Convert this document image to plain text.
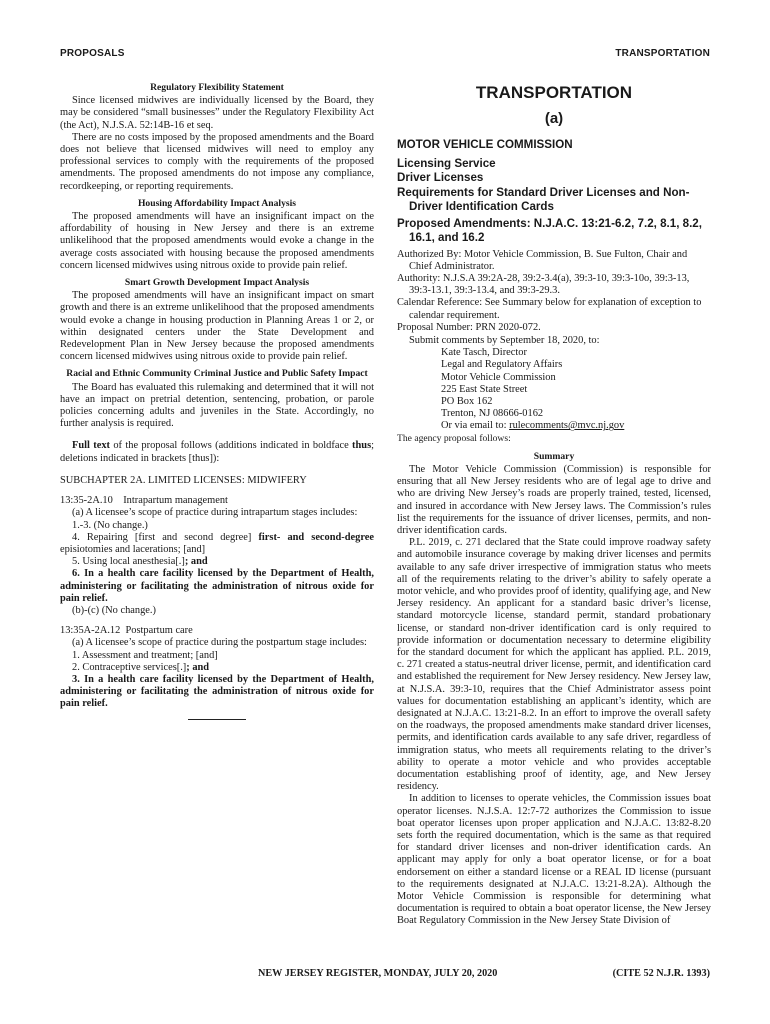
PROPOSALS	TRANSPORTATION
Regulatory Flexibility Statement

Since licensed midwives are individually licensed by the Board, they may be considered “small businesses” under the Regulatory Flexibility Act (the Act), N.J.S.A. 52:14B-16 et seq.

There are no costs imposed by the proposed amendments and the Board does not believe that licensed midwives will need to employ any professional services to comply with the requirements of the proposed amendments. The proposed amendments do not impose any compliance, recordkeeping, or reporting requirements.

Housing Affordability Impact Analysis

The proposed amendments will have an insignificant impact on the affordability of housing in New Jersey and there is an extreme unlikelihood that the proposed amendments would evoke a change in the average costs associated with housing because the proposed amendments concern licensed midwives using nitrous oxide to provide pain relief.

Smart Growth Development Impact Analysis

The proposed amendments will have an insignificant impact on smart growth and there is an extreme unlikelihood that the proposed amendments would evoke a change in housing production in Planning Areas 1 or 2, or within designated centers under the State Development and Redevelopment Plan in New Jersey because the proposed amendments concern licensed midwives using nitrous oxide to provide pain relief.

Racial and Ethnic Community Criminal Justice and Public Safety Impact

The Board has evaluated this rulemaking and determined that it will not have an impact on pretrial detention, sentencing, probation, or parole policies concerning adults and juveniles in the State. Accordingly, no further analysis is required.

Full text of the proposal follows (additions indicated in boldface thus; deletions indicated in brackets [thus]):

SUBCHAPTER 2A. LIMITED LICENSES: MIDWIFERY

13:35-2A.10    Intrapartum management

(a) A licensee’s scope of practice during intrapartum stages includes:

1.-3. (No change.)

4. Repairing [first and second degree] first- and second-degree episiotomies and lacerations; [and]

5. Using local anesthesia[.]; and

6. In a health care facility licensed by the Department of Health, administering or facilitating the administration of nitrous oxide for pain relief.

(b)-(c) (No change.)

13:35A-2A.12  Postpartum care

(a) A licensee’s scope of practice during the postpartum stage includes:

1. Assessment and treatment; [and]

2. Contraceptive services[.]; and

3. In a health care facility licensed by the Department of Health, administering or facilitating the administration of nitrous oxide for pain relief.

TRANSPORTATION
(a)
MOTOR VEHICLE COMMISSION
Licensing Service
Driver Licenses
Requirements for Standard Driver Licenses and Non-Driver Identification Cards
Proposed Amendments: N.J.A.C. 13:21-6.2, 7.2, 8.1, 8.2, 16.1, and 16.2

Authorized By: Motor Vehicle Commission, B. Sue Fulton, Chair and Chief Administrator.

Authority: N.J.S.A 39:2A-28, 39:2-3.4(a), 39:3-10, 39:3-10o, 39:3-13, 39:3-13.1, 39:3-13.4, and 39:3-29.3.

Calendar Reference: See Summary below for explanation of exception to calendar requirement.

Proposal Number: PRN 2020-072.

Submit comments by September 18, 2020, to:

Kate Tasch, Director
Legal and Regulatory Affairs
Motor Vehicle Commission
225 East State Street
PO Box 162
Trenton, NJ 08666-0162
Or via email to: rulecomments@mvc.nj.gov

The agency proposal follows:

Summary

The Motor Vehicle Commission (Commission) is responsible for ensuring that all New Jersey residents who are of legal age to drive and who are driving New Jersey’s roads are properly trained, tested, licensed, and insured in accordance with New Jersey laws. The Commission’s rules list the requirements for the issuance of driver licenses, permits, and non-driver identification cards.

P.L. 2019, c. 271 declared that the State could improve roadway safety and automobile insurance coverage by making driver licenses and permits available to any safe driver irrespective of immigration status who meets all of the requirements relating to the driver’s ability to safely operate a motor vehicle, and who provides proof of identity, qualifying age, and New Jersey residency. An applicant for a standard basic driver’s license, standard motorcycle license, standard permit, standard probationary license, or standard non-driver identification card is only required to provide information or documentation necessary to determine eligibility for the standard document for which the applicant has applied. P.L. 2019, c. 271 created a status-neutral driver license, permit, and identification card and established the requirement for New Jersey residency. New Jersey law, at N.J.S.A. 39:3-10, requires that the Chief Administrator assess point values for documentation establishing an applicant’s identity, which are designated at N.J.A.C. 13:21-8.2. In an effort to improve the overall safety on the roadways, the proposed amendments make standard driver licenses, permits, and identification cards available to any safe driver, regardless of immigration status, who meets all requirements relating to the driver’s ability to operate a motor vehicle and who provides acceptable documentation establishing proof of identity, age, and New Jersey residency.

In addition to licenses to operate vehicles, the Commission issues boat operator licenses. N.J.S.A. 12:7-72 authorizes the Commission to issue boat operator licenses upon proper application and N.J.A.C. 13:82-8.20 sets forth the required documentation, which is the same as that required for standard driver licenses and non-driver identification cards. An applicant may apply for only a boat operator license, or for a boat endorsement on either a standard license or a REAL ID license (pursuant to the requirements designated at N.J.A.C. 13:21-8.2A). Although the Motor Vehicle Commission is responsible for determining what documentation is required to obtain a boat operator license, the New Jersey Boat Regulatory Commission in the New Jersey State Division of

NEW JERSEY REGISTER, MONDAY, JULY 20, 2020	(CITE 52 N.J.R. 1393)
